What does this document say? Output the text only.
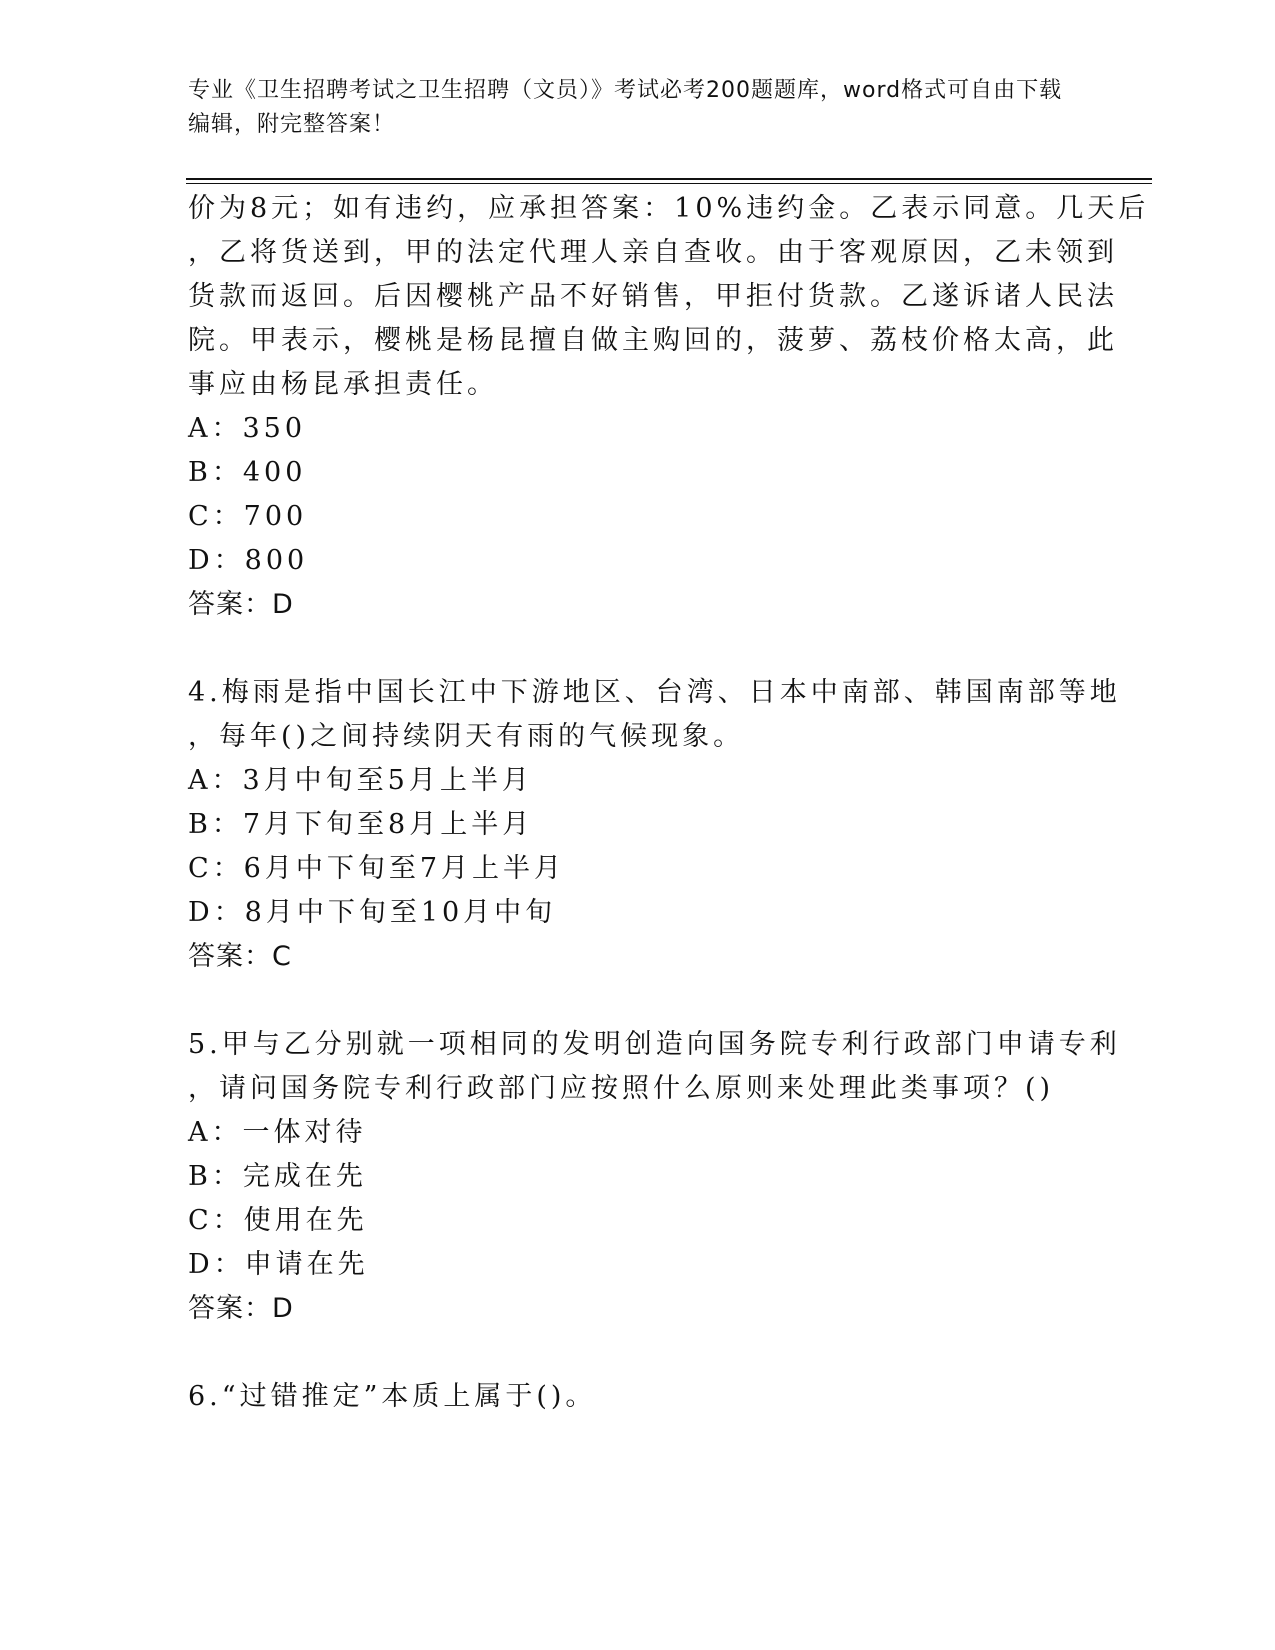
专业《卫生招聘考试之卫生招聘（文员）》考试必考200题题库，word格式可自由下载编辑，附完整答案！
价为8元；如有违约，应承担答案：10%违约金。乙表示同意。几天后
，乙将货送到，甲的法定代理人亲自查收。由于客观原因，乙未领到
货款而返回。后因樱桃产品不好销售，甲拒付货款。乙遂诉诸人民法
院。甲表示，樱桃是杨昆擅自做主购回的，菠萝、荔枝价格太高，此
事应由杨昆承担责任。
A：350
B：400
C：700
D：800
答案：D
4.梅雨是指中国长江中下游地区、台湾、日本中南部、韩国南部等地
，每年()之间持续阴天有雨的气候现象。
A：3月中旬至5月上半月
B：7月下旬至8月上半月
C：6月中下旬至7月上半月
D：8月中下旬至10月中旬
答案：C
5.甲与乙分别就一项相同的发明创造向国务院专利行政部门申请专利
，请问国务院专利行政部门应按照什么原则来处理此类事项？()
A：一体对待
B：完成在先
C：使用在先
D：申请在先
答案：D
6.“过错推定”本质上属于()。
